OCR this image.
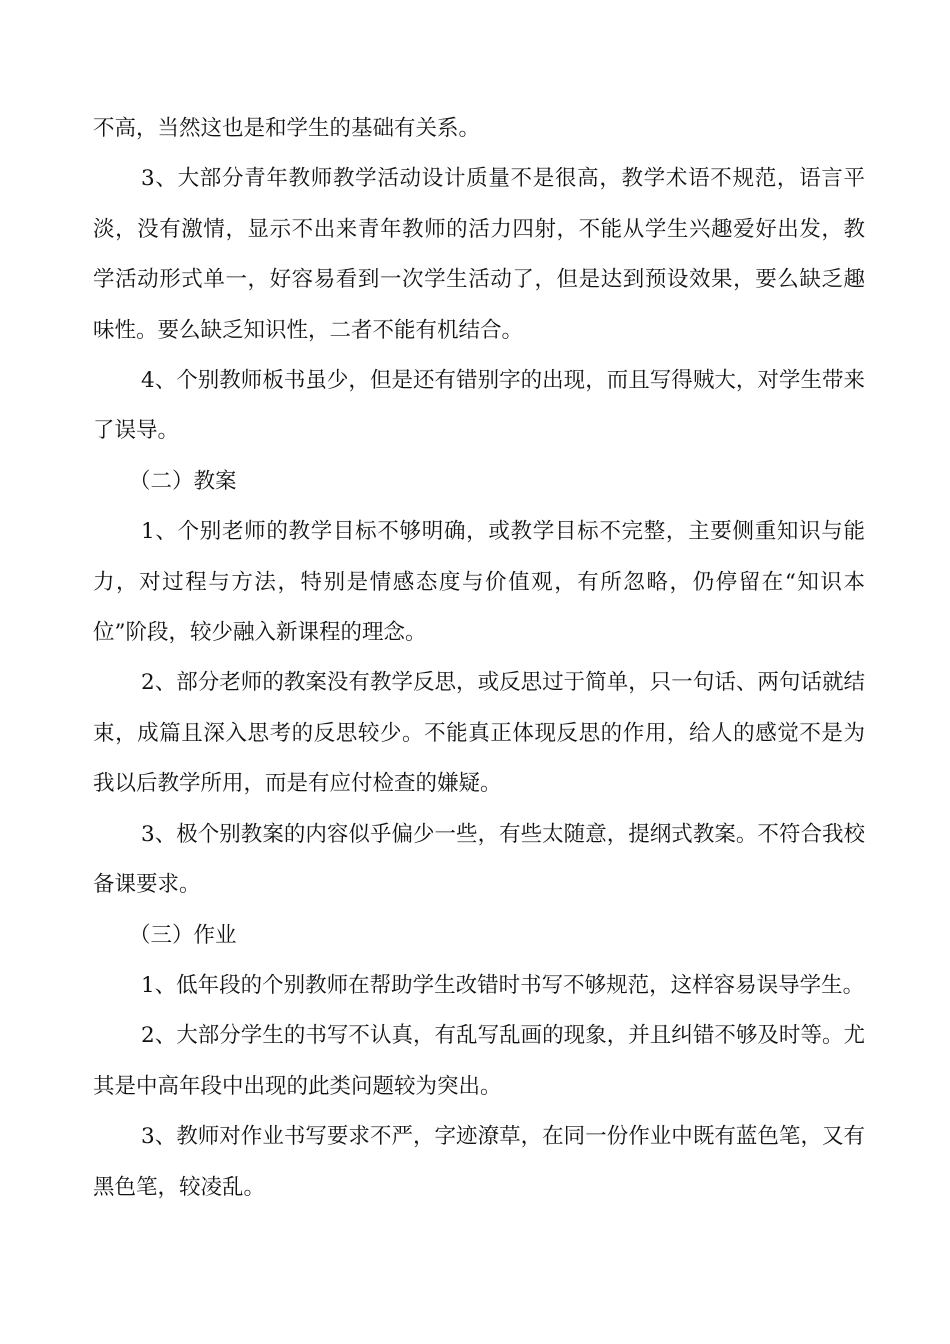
不高，当然这也是和学生的基础有关系。

3、大部分青年教师教学活动设计质量不是很高，教学术语不规范，语言平淡，没有激情，显示不出来青年教师的活力四射，不能从学生兴趣爱好出发，教学活动形式单一，好容易看到一次学生活动了，但是达到预设效果，要么缺乏趣味性。要么缺乏知识性，二者不能有机结合。

4、个别教师板书虽少，但是还有错别字的出现，而且写得贼大，对学生带来了误导。

（二）教案

1、个别老师的教学目标不够明确，或教学目标不完整，主要侧重知识与能力，对过程与方法，特别是情感态度与价值观，有所忽略，仍停留在“知识本位”阶段，较少融入新课程的理念。

2、部分老师的教案没有教学反思，或反思过于简单，只一句话、两句话就结束，成篇且深入思考的反思较少。不能真正体现反思的作用，给人的感觉不是为我以后教学所用，而是有应付检查的嫌疑。

3、极个别教案的内容似乎偏少一些，有些太随意，提纲式教案。不符合我校备课要求。

（三）作业

1、低年段的个别教师在帮助学生改错时书写不够规范，这样容易误导学生。

2、大部分学生的书写不认真，有乱写乱画的现象，并且纠错不够及时等。尤其是中高年段中出现的此类问题较为突出。

3、教师对作业书写要求不严，字迹潦草，在同一份作业中既有蓝色笔，又有黑色笔，较凌乱。
